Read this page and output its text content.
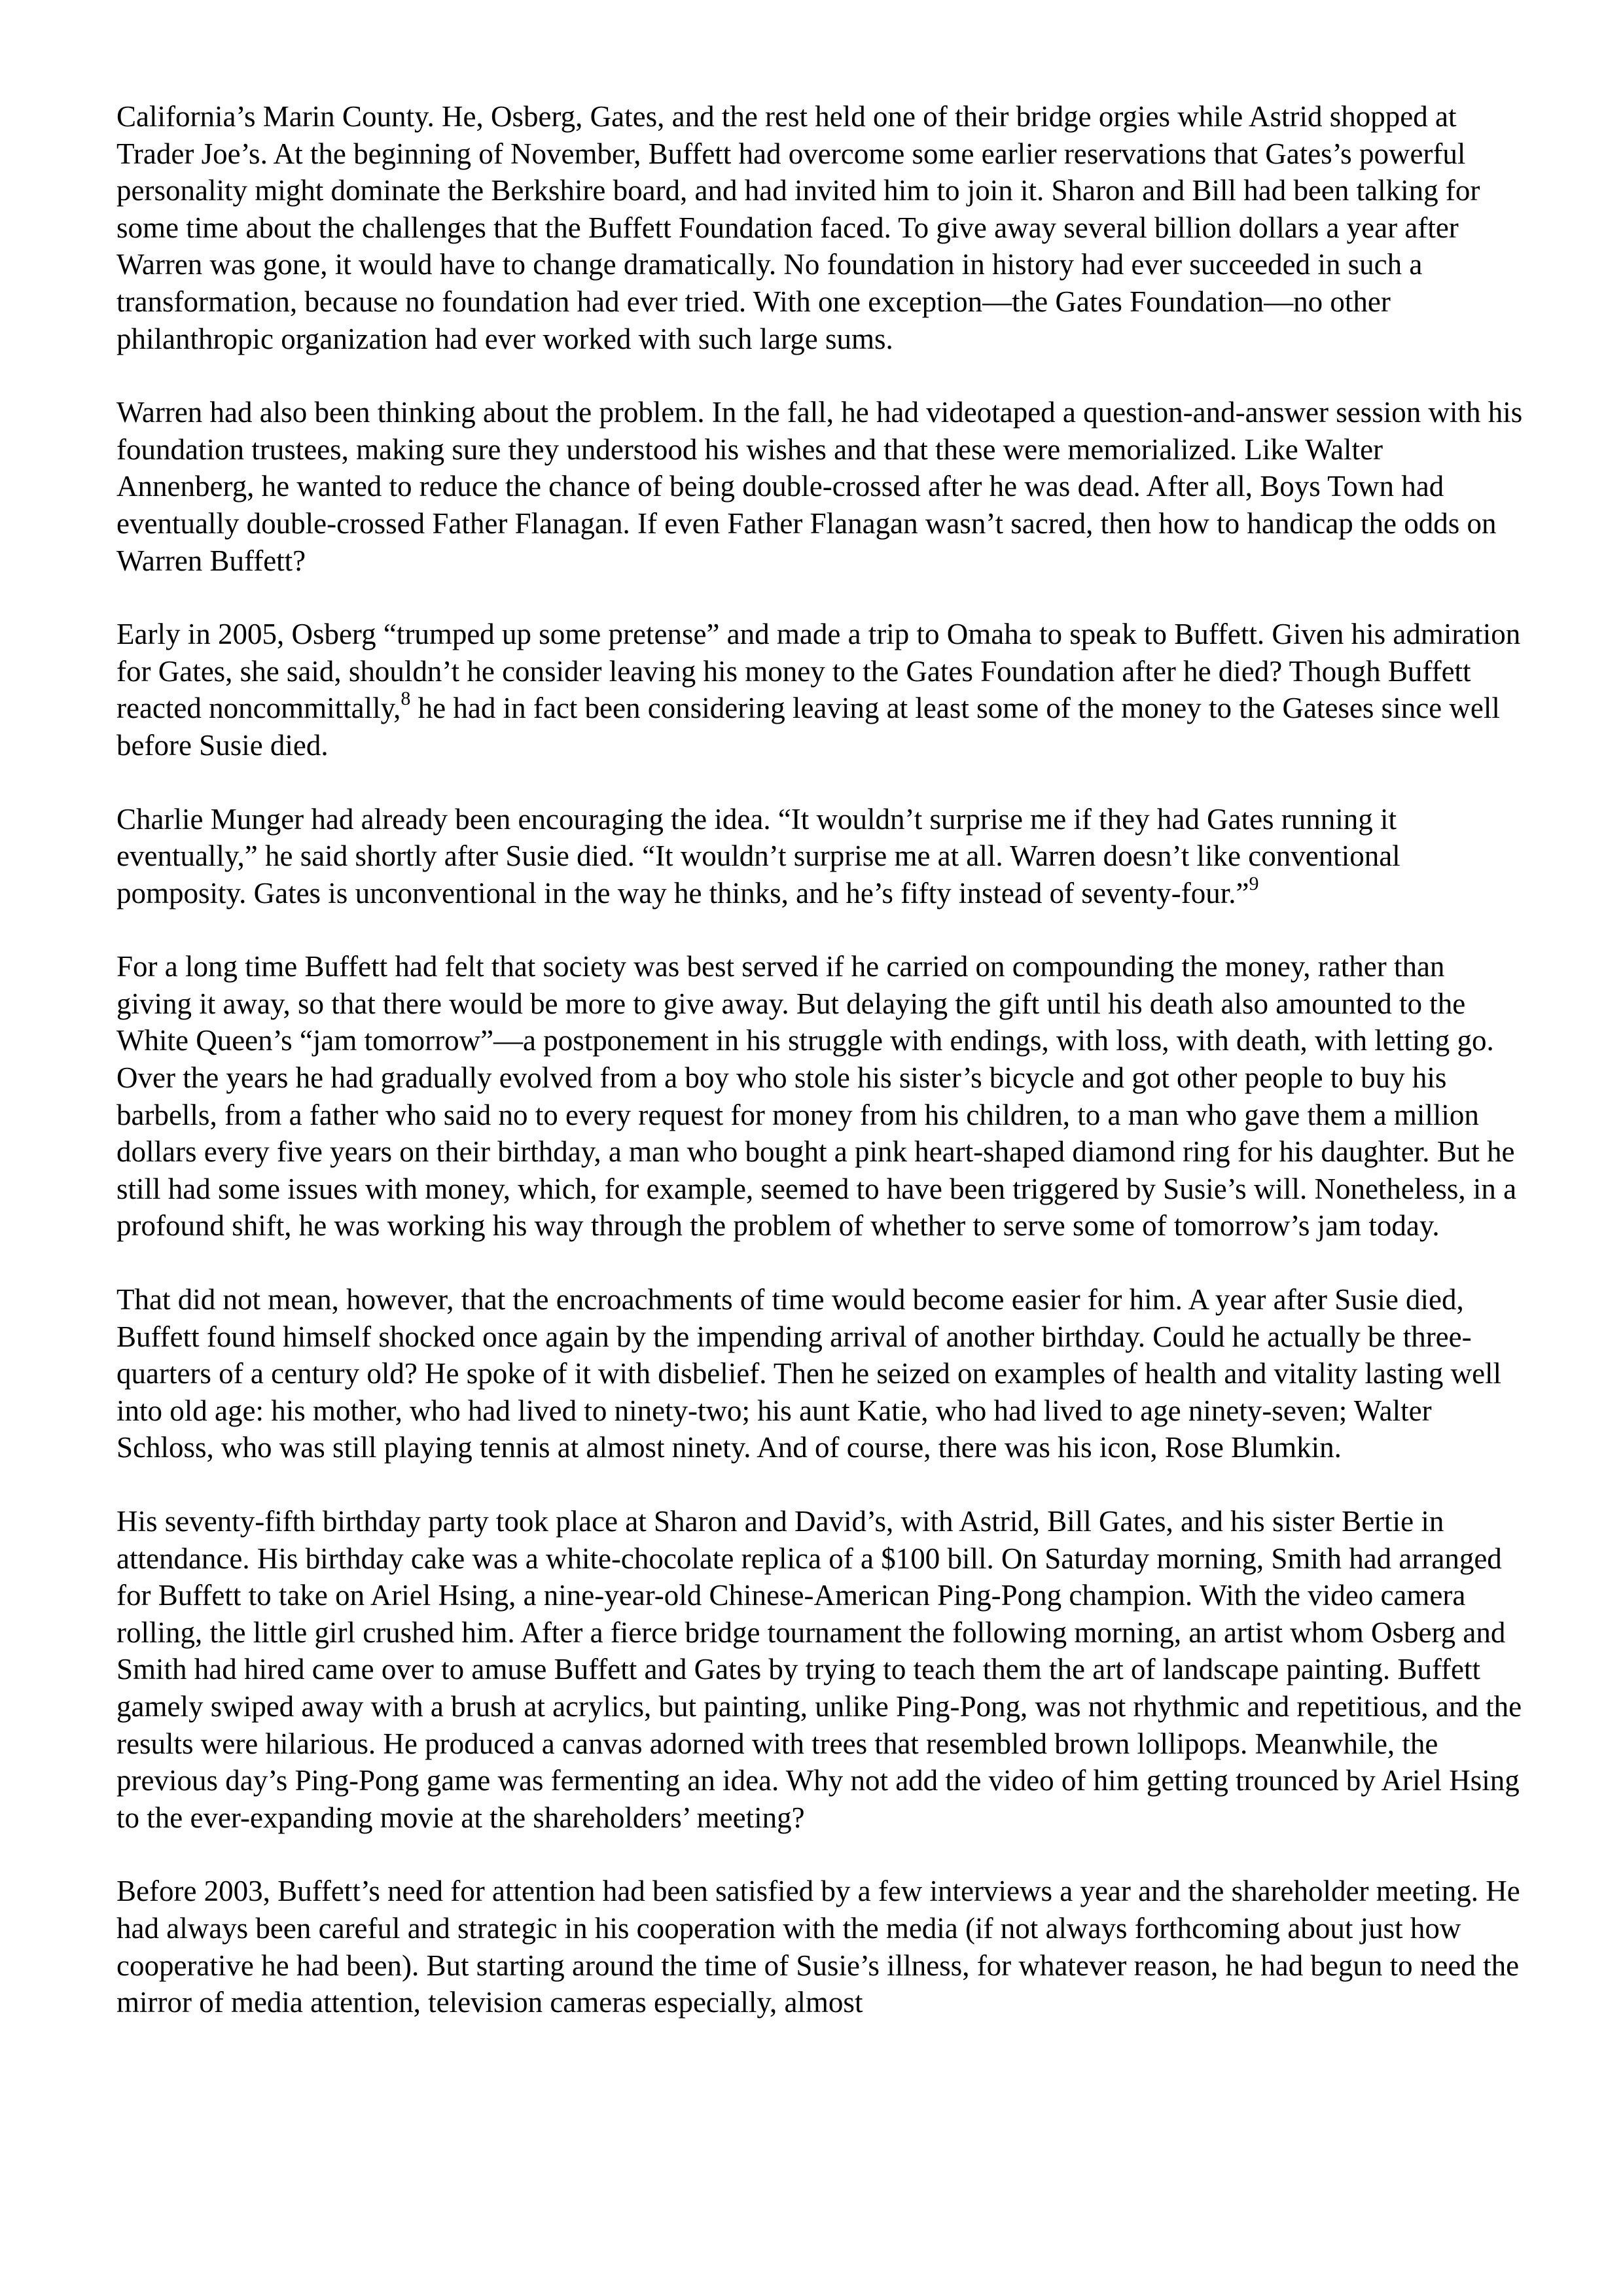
California’s Marin County. He, Osberg, Gates, and the rest held one of their bridge orgies while Astrid shopped at Trader Joe’s. At the beginning of November, Buffett had overcome some earlier reservations that Gates’s powerful personality might dominate the Berkshire board, and had invited him to join it. Sharon and Bill had been talking for some time about the challenges that the Buffett Foundation faced. To give away several billion dollars a year after Warren was gone, it would have to change dramatically. No foundation in history had ever succeeded in such a transformation, because no foundation had ever tried. With one exception—the Gates Foundation—no other philanthropic organization had ever worked with such large sums.

Warren had also been thinking about the problem. In the fall, he had videotaped a question-and-answer session with his foundation trustees, making sure they understood his wishes and that these were memorialized. Like Walter Annenberg, he wanted to reduce the chance of being double-crossed after he was dead. After all, Boys Town had eventually double-crossed Father Flanagan. If even Father Flanagan wasn’t sacred, then how to handicap the odds on Warren Buffett?

Early in 2005, Osberg “trumped up some pretense” and made a trip to Omaha to speak to Buffett. Given his admiration for Gates, she said, shouldn’t he consider leaving his money to the Gates Foundation after he died? Though Buffett reacted noncommittally,$^8$ he had in fact been considering leaving at least some of the money to the Gateses since well before Susie died.

Charlie Munger had already been encouraging the idea. “It wouldn’t surprise me if they had Gates running it eventually,” he said shortly after Susie died. “It wouldn’t surprise me at all. Warren doesn’t like conventional pomposity. Gates is unconventional in the way he thinks, and he’s fifty instead of seventy-four.”$^9$

For a long time Buffett had felt that society was best served if he carried on compounding the money, rather than giving it away, so that there would be more to give away. But delaying the gift until his death also amounted to the White Queen’s “jam tomorrow”—a postponement in his struggle with endings, with loss, with death, with letting go. Over the years he had gradually evolved from a boy who stole his sister’s bicycle and got other people to buy his barbells, from a father who said no to every request for money from his children, to a man who gave them a million dollars every five years on their birthday, a man who bought a pink heart-shaped diamond ring for his daughter. But he still had some issues with money, which, for example, seemed to have been triggered by Susie’s will. Nonetheless, in a profound shift, he was working his way through the problem of whether to serve some of tomorrow’s jam today.

That did not mean, however, that the encroachments of time would become easier for him. A year after Susie died, Buffett found himself shocked once again by the impending arrival of another birthday. Could he actually be three-quarters of a century old? He spoke of it with disbelief. Then he seized on examples of health and vitality lasting well into old age: his mother, who had lived to ninety-two; his aunt Katie, who had lived to age ninety-seven; Walter Schloss, who was still playing tennis at almost ninety. And of course, there was his icon, Rose Blumkin.

His seventy-fifth birthday party took place at Sharon and David’s, with Astrid, Bill Gates, and his sister Bertie in attendance. His birthday cake was a white-chocolate replica of a $100 bill. On Saturday morning, Smith had arranged for Buffett to take on Ariel Hsing, a nine-year-old Chinese-American Ping-Pong champion. With the video camera rolling, the little girl crushed him. After a fierce bridge tournament the following morning, an artist whom Osberg and Smith had hired came over to amuse Buffett and Gates by trying to teach them the art of landscape painting. Buffett gamely swiped away with a brush at acrylics, but painting, unlike Ping-Pong, was not rhythmic and repetitious, and the results were hilarious. He produced a canvas adorned with trees that resembled brown lollipops. Meanwhile, the previous day’s Ping-Pong game was fermenting an idea. Why not add the video of him getting trounced by Ariel Hsing to the ever-expanding movie at the shareholders’ meeting?

Before 2003, Buffett’s need for attention had been satisfied by a few interviews a year and the shareholder meeting. He had always been careful and strategic in his cooperation with the media (if not always forthcoming about just how cooperative he had been). But starting around the time of Susie’s illness, for whatever reason, he had begun to need the mirror of media attention, television cameras especially, almost
